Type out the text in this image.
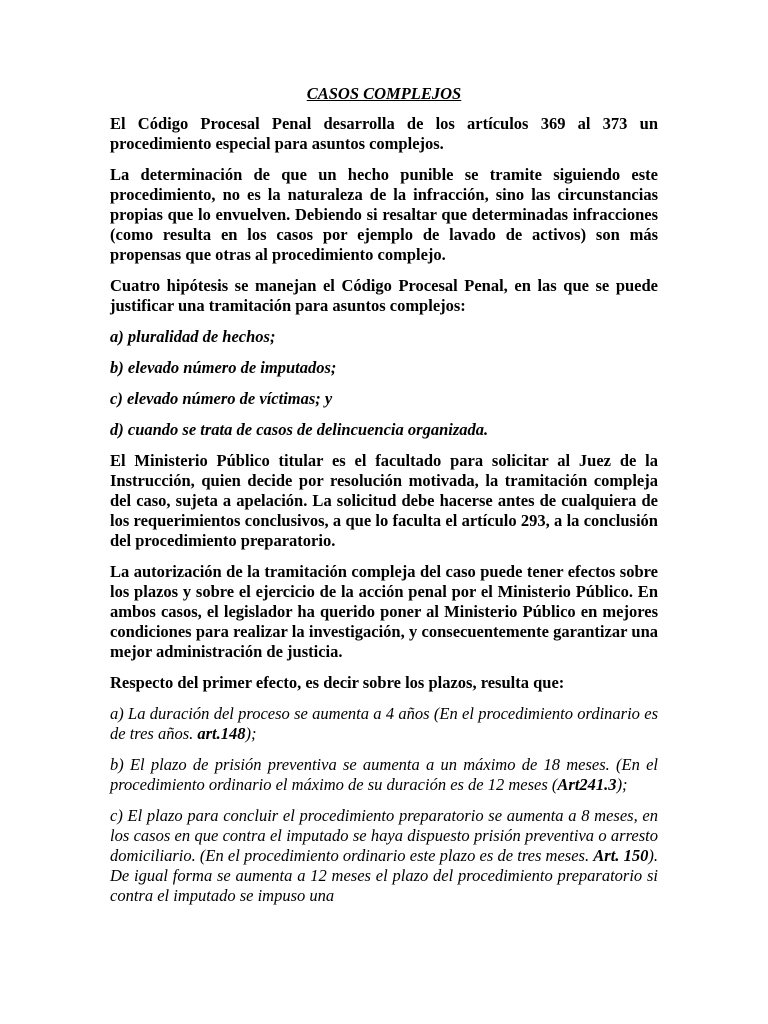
CASOS COMPLEJOS

El Código Procesal Penal desarrolla de los artículos 369 al 373 un procedimiento especial para asuntos complejos.

La determinación de que un hecho punible se tramite siguiendo este procedimiento, no es la naturaleza de la infracción, sino las circunstancias propias que lo envuelven. Debiendo si resaltar que determinadas infracciones (como resulta en los casos por ejemplo de lavado de activos) son más propensas que otras al procedimiento complejo.

Cuatro hipótesis se manejan el Código Procesal Penal, en las que se puede justificar una tramitación para asuntos complejos:

a) pluralidad de hechos;

b) elevado número de imputados;

c) elevado número de víctimas; y

d) cuando se trata de casos de delincuencia organizada.

El Ministerio Público titular es el facultado para solicitar al Juez de la Instrucción, quien decide por resolución motivada, la tramitación compleja del caso, sujeta a apelación. La solicitud debe hacerse antes de cualquiera de los requerimientos conclusivos, a que lo faculta el artículo 293, a la conclusión del procedimiento preparatorio.

La autorización de la tramitación compleja del caso puede tener efectos sobre los plazos y sobre el ejercicio de la acción penal por el Ministerio Público. En ambos casos, el legislador ha querido poner al Ministerio Público en mejores condiciones para realizar la investigación, y consecuentemente garantizar una mejor administración de justicia.

Respecto del primer efecto, es decir sobre los plazos, resulta que:

a) La duración del proceso se aumenta a 4 años (En el procedimiento ordinario es de tres años. art.148);

b) El plazo de prisión preventiva se aumenta a un máximo de 18 meses. (En el procedimiento ordinario el máximo de su duración es de 12 meses (Art241.3);

c) El plazo para concluir el procedimiento preparatorio se aumenta a 8 meses, en los casos en que contra el imputado se haya dispuesto prisión preventiva o arresto domiciliario. (En el procedimiento ordinario este plazo es de tres meses. Art. 150). De igual forma se aumenta a 12 meses el plazo del procedimiento preparatorio si contra el imputado se impuso una
